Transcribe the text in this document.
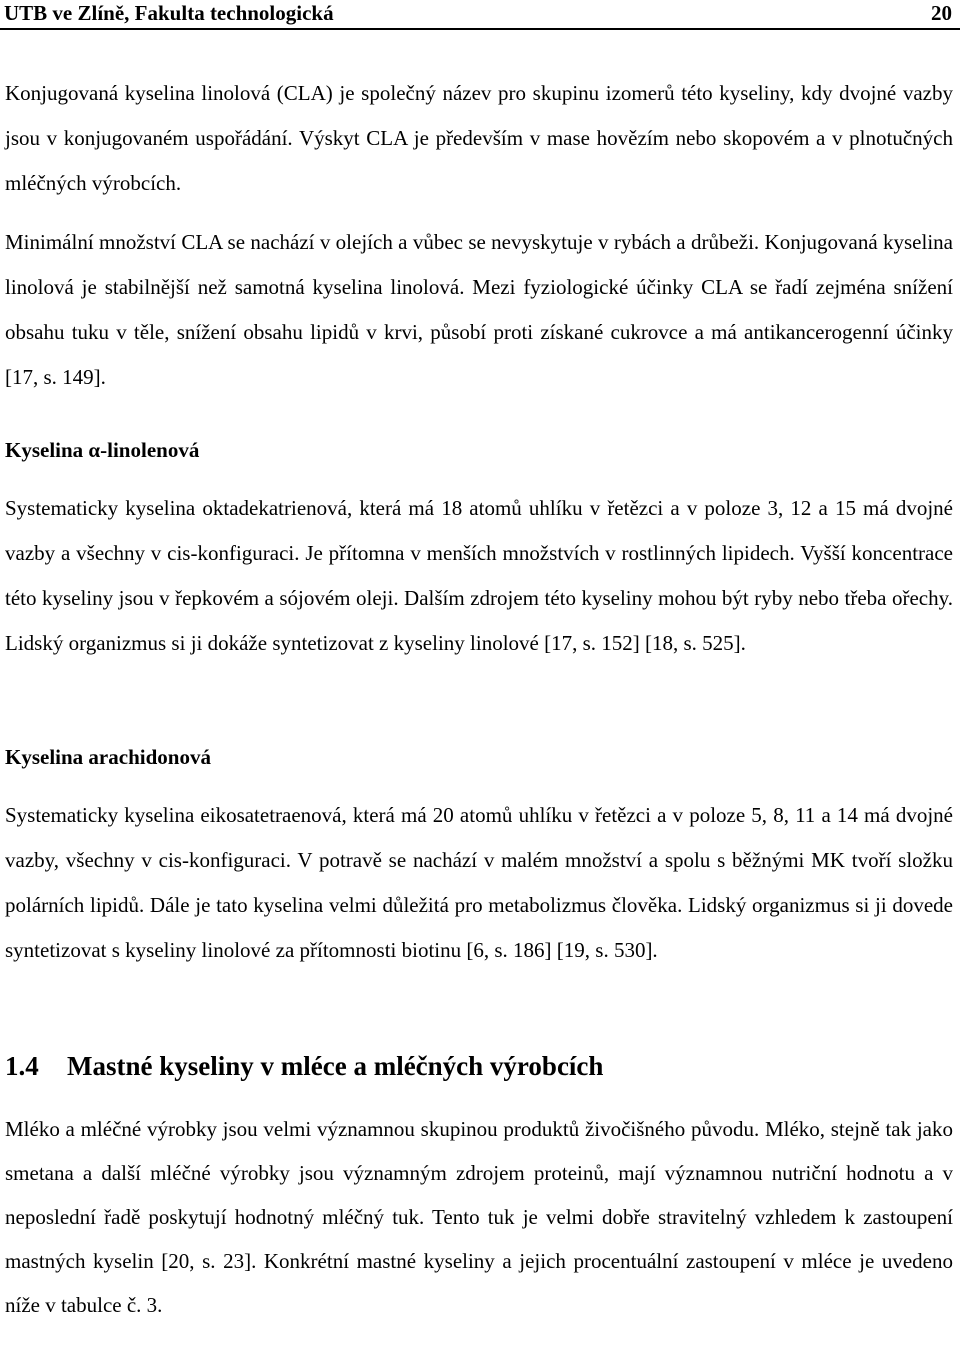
UTB ve Zlíně, Fakulta technologická	20
Konjugovaná kyselina linolová (CLA) je společný název pro skupinu izomerů této kyseliny, kdy dvojné vazby jsou v konjugovaném uspořádání. Výskyt CLA je především v mase hovězím nebo skopovém a v plnotučných mléčných výrobcích.
Minimální množství CLA se nachází v olejích a vůbec se nevyskytuje v rybách a drůbeži. Konjugovaná kyselina linolová je stabilnější než samotná kyselina linolová. Mezi fyziologické účinky CLA se řadí zejména snížení obsahu tuku v těle, snížení obsahu lipidů v krvi, působí proti získané cukrovce a má antikancerogenní účinky [17, s. 149].
Kyselina α-linolenová
Systematicky kyselina oktadekatrienová, která má 18 atomů uhlíku v řetězci a v poloze 3, 12 a 15 má dvojné vazby a všechny v cis-konfiguraci. Je přítomna v menších množstvích v rostlinných lipidech. Vyšší koncentrace této kyseliny jsou v řepkovém a sójovém oleji. Dalším zdrojem této kyseliny mohou být ryby nebo třeba ořechy. Lidský organizmus si ji dokáže syntetizovat z kyseliny linolové [17, s. 152] [18, s. 525].
Kyselina arachidonová
Systematicky kyselina eikosatetraenová, která má 20 atomů uhlíku v řetězci a v poloze 5, 8, 11 a 14 má dvojné vazby, všechny v cis-konfiguraci. V potravě se nachází v malém množství a spolu s běžnými MK tvoří složku polárních lipidů. Dále je tato kyselina velmi důležitá pro metabolizmus člověka. Lidský organizmus si ji dovede syntetizovat s kyseliny linolové za přítomnosti biotinu [6, s. 186] [19, s. 530].
1.4 Mastné kyseliny v mléce a mléčných výrobcích
Mléko a mléčné výrobky jsou velmi významnou skupinou produktů živočišného původu. Mléko, stejně tak jako smetana a další mléčné výrobky jsou významným zdrojem proteinů, mají významnou nutriční hodnotu a v neposlední řadě poskytují hodnotný mléčný tuk. Tento tuk je velmi dobře stravitelný vzhledem k zastoupení mastných kyselin [20, s. 23]. Konkrétní mastné kyseliny a jejich procentuální zastoupení v mléce je uvedeno níže v tabulce č. 3.
